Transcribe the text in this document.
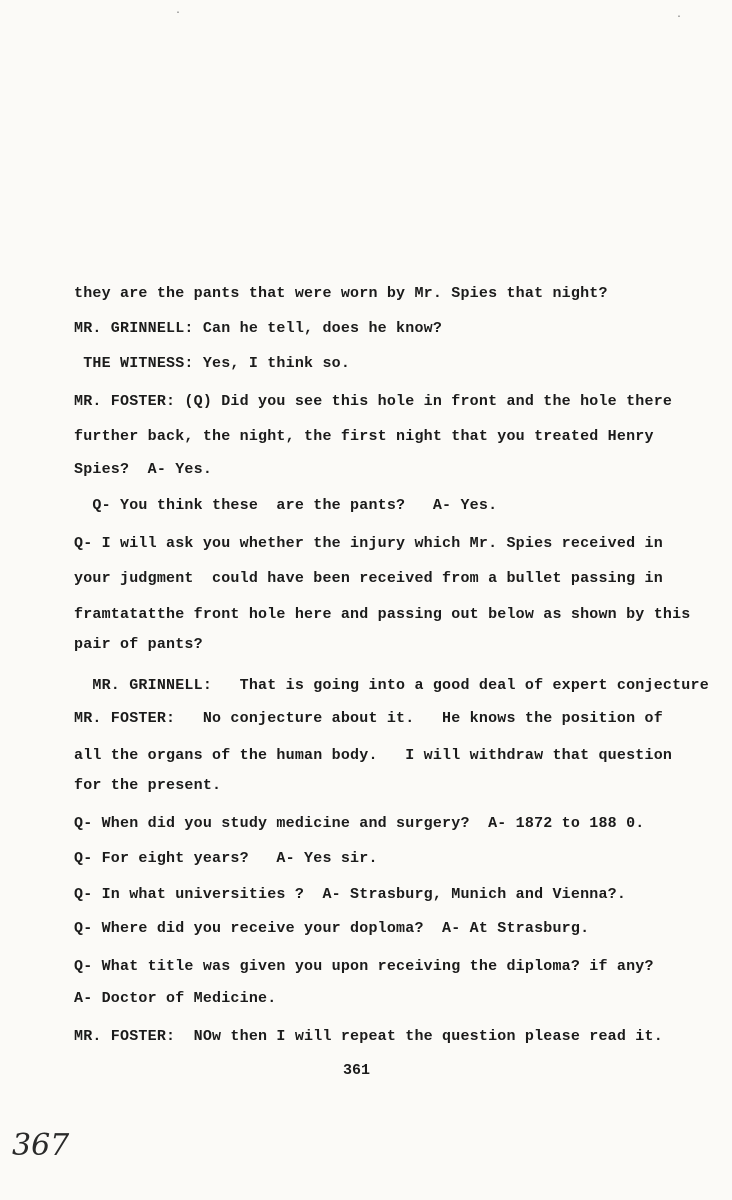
they are the pants that were worn by Mr. Spies that night?
MR. GRINNELL: Can he tell, does he know?
THE WITNESS: Yes, I think so.
MR. FOSTER: (Q) Did you see this hole in front and the hole there
further back, the night, the first night that you treated Henry
Spies?  A- Yes.
Q- You think these  are the pants?   A- Yes.
Q- I will ask you whether the injury which Mr. Spies received in
your judgment  could have been received from a bullet passing in
framtatatthe front hole here and passing out below as shown by this
pair of pants?
MR. GRINNELL:   That is going into a good deal of expert conjecture
MR. FOSTER:   No conjecture about it.   He knows the position of
all the organs of the human body.   I will withdraw that question
for the present.
Q- When did you study medicine and surgery?  A- 1872 to 188 0.
Q- For eight years?   A- Yes sir.
Q- In what universities ?  A- Strasburg, Munich and Vienna?.
Q- Where did you receive your doploma?  A- At Strasburg.
Q- What title was given you upon receiving the diploma? if any?
A- Doctor of Medicine.
MR. FOSTER:  NOw then I will repeat the question please read it.
361
367
·	·
